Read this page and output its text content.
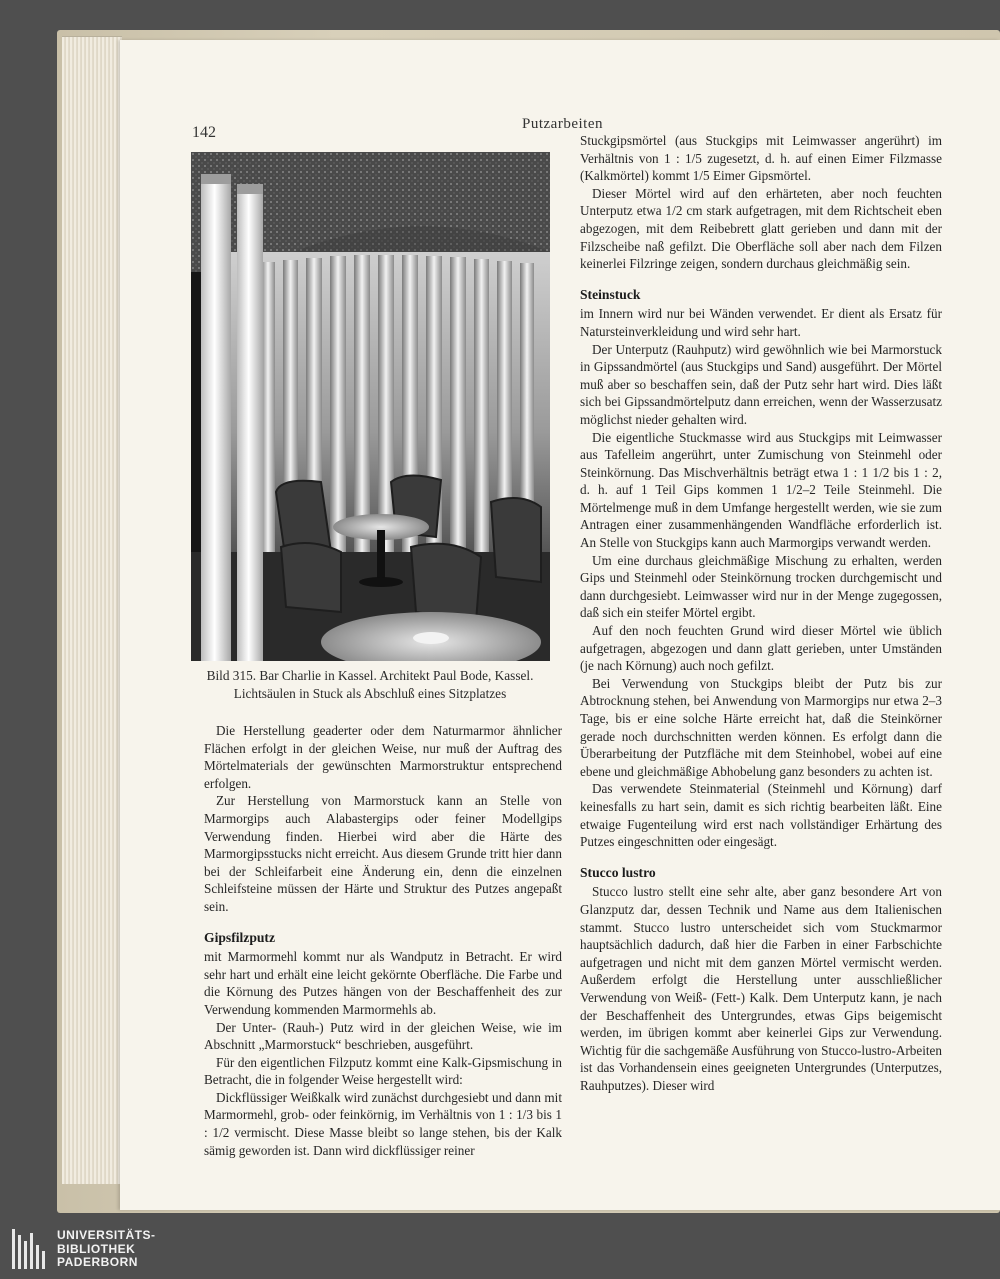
142	Putzarbeiten
Bild 315. Bar Charlie in Kassel. Architekt Paul Bode, Kassel.
Lichtsäulen in Stuck als Abschluß eines Sitzplatzes

Die Herstellung geaderter oder dem Naturmarmor ähnlicher Flächen erfolgt in der gleichen Weise, nur muß der Auftrag des Mörtelmaterials der gewünschten Marmorstruktur entsprechend erfolgen.

Zur Herstellung von Marmorstuck kann an Stelle von Marmorgips auch Alabastergips oder feiner Modellgips Verwendung finden. Hierbei wird aber die Härte des Marmorgipsstucks nicht erreicht. Aus diesem Grunde tritt hier dann bei der Schleifarbeit eine Änderung ein, denn die einzelnen Schleifsteine müssen der Härte und Struktur des Putzes angepaßt sein.

Gipsfilzputz

mit Marmormehl kommt nur als Wandputz in Betracht. Er wird sehr hart und erhält eine leicht gekörnte Oberfläche. Die Farbe und die Körnung des Putzes hängen von der Beschaffenheit des zur Verwendung kommenden Marmormehls ab.

Der Unter- (Rauh-) Putz wird in der gleichen Weise, wie im Abschnitt „Marmorstuck“ beschrieben, ausgeführt.

Für den eigentlichen Filzputz kommt eine Kalk-Gipsmischung in Betracht, die in folgender Weise hergestellt wird:

Dickflüssiger Weißkalk wird zunächst durchgesiebt und dann mit Marmormehl, grob- oder feinkörnig, im Verhältnis von 1 : 1/3 bis 1 : 1/2 vermischt. Diese Masse bleibt so lange stehen, bis der Kalk sämig geworden ist. Dann wird dickflüssiger reiner

Stuckgipsmörtel (aus Stuckgips mit Leimwasser angerührt) im Verhältnis von 1 : 1/5 zugesetzt, d. h. auf einen Eimer Filzmasse (Kalkmörtel) kommt 1/5 Eimer Gipsmörtel.

Dieser Mörtel wird auf den erhärteten, aber noch feuchten Unterputz etwa 1/2 cm stark aufgetragen, mit dem Richtscheit eben abgezogen, mit dem Reibebrett glatt gerieben und dann mit der Filzscheibe naß gefilzt. Die Oberfläche soll aber nach dem Filzen keinerlei Filzringe zeigen, sondern durchaus gleichmäßig sein.

Steinstuck

im Innern wird nur bei Wänden verwendet. Er dient als Ersatz für Natursteinverkleidung und wird sehr hart.

Der Unterputz (Rauhputz) wird gewöhnlich wie bei Marmorstuck in Gipssandmörtel (aus Stuckgips und Sand) ausgeführt. Der Mörtel muß aber so beschaffen sein, daß der Putz sehr hart wird. Dies läßt sich bei Gipssandmörtelputz dann erreichen, wenn der Wasserzusatz möglichst nieder gehalten wird.

Die eigentliche Stuckmasse wird aus Stuckgips mit Leimwasser aus Tafelleim angerührt, unter Zumischung von Steinmehl oder Steinkörnung. Das Mischverhältnis beträgt etwa 1 : 1 1/2 bis 1 : 2, d. h. auf 1 Teil Gips kommen 1 1/2–2 Teile Steinmehl. Die Mörtelmenge muß in dem Umfange hergestellt werden, wie sie zum Antragen einer zusammenhängenden Wandfläche erforderlich ist. An Stelle von Stuckgips kann auch Marmorgips verwandt werden.

Um eine durchaus gleichmäßige Mischung zu erhalten, werden Gips und Steinmehl oder Steinkörnung trocken durchgemischt und dann durchgesiebt. Leimwasser wird nur in der Menge zugegossen, daß sich ein steifer Mörtel ergibt.

Auf den noch feuchten Grund wird dieser Mörtel wie üblich aufgetragen, abgezogen und dann glatt gerieben, unter Umständen (je nach Körnung) auch noch gefilzt.

Bei Verwendung von Stuckgips bleibt der Putz bis zur Abtrocknung stehen, bei Anwendung von Marmorgips nur etwa 2–3 Tage, bis er eine solche Härte erreicht hat, daß die Steinkörner gerade noch durchschnitten werden können. Es erfolgt dann die Überarbeitung der Putzfläche mit dem Steinhobel, wobei auf eine ebene und gleichmäßige Abhobelung ganz besonders zu achten ist.

Das verwendete Steinmaterial (Steinmehl und Körnung) darf keinesfalls zu hart sein, damit es sich richtig bearbeiten läßt. Eine etwaige Fugenteilung wird erst nach vollständiger Erhärtung des Putzes eingeschnitten oder eingesägt.

Stucco lustro

Stucco lustro stellt eine sehr alte, aber ganz besondere Art von Glanzputz dar, dessen Technik und Name aus dem Italienischen stammt. Stucco lustro unterscheidet sich vom Stuckmarmor hauptsächlich dadurch, daß hier die Farben in einer Farbschichte aufgetragen und nicht mit dem ganzen Mörtel vermischt werden. Außerdem erfolgt die Herstellung unter ausschließlicher Verwendung von Weiß- (Fett-) Kalk. Dem Unterputz kann, je nach der Beschaffenheit des Untergrundes, etwas Gips beigemischt werden, im übrigen kommt aber keinerlei Gips zur Verwendung. Wichtig für die sachgemäße Ausführung von Stucco-lustro-Arbeiten ist das Vorhandensein eines geeigneten Untergrundes (Unterputzes, Rauhputzes). Dieser wird

UNIVERSITÄTS-
BIBLIOTHEK
PADERBORN
